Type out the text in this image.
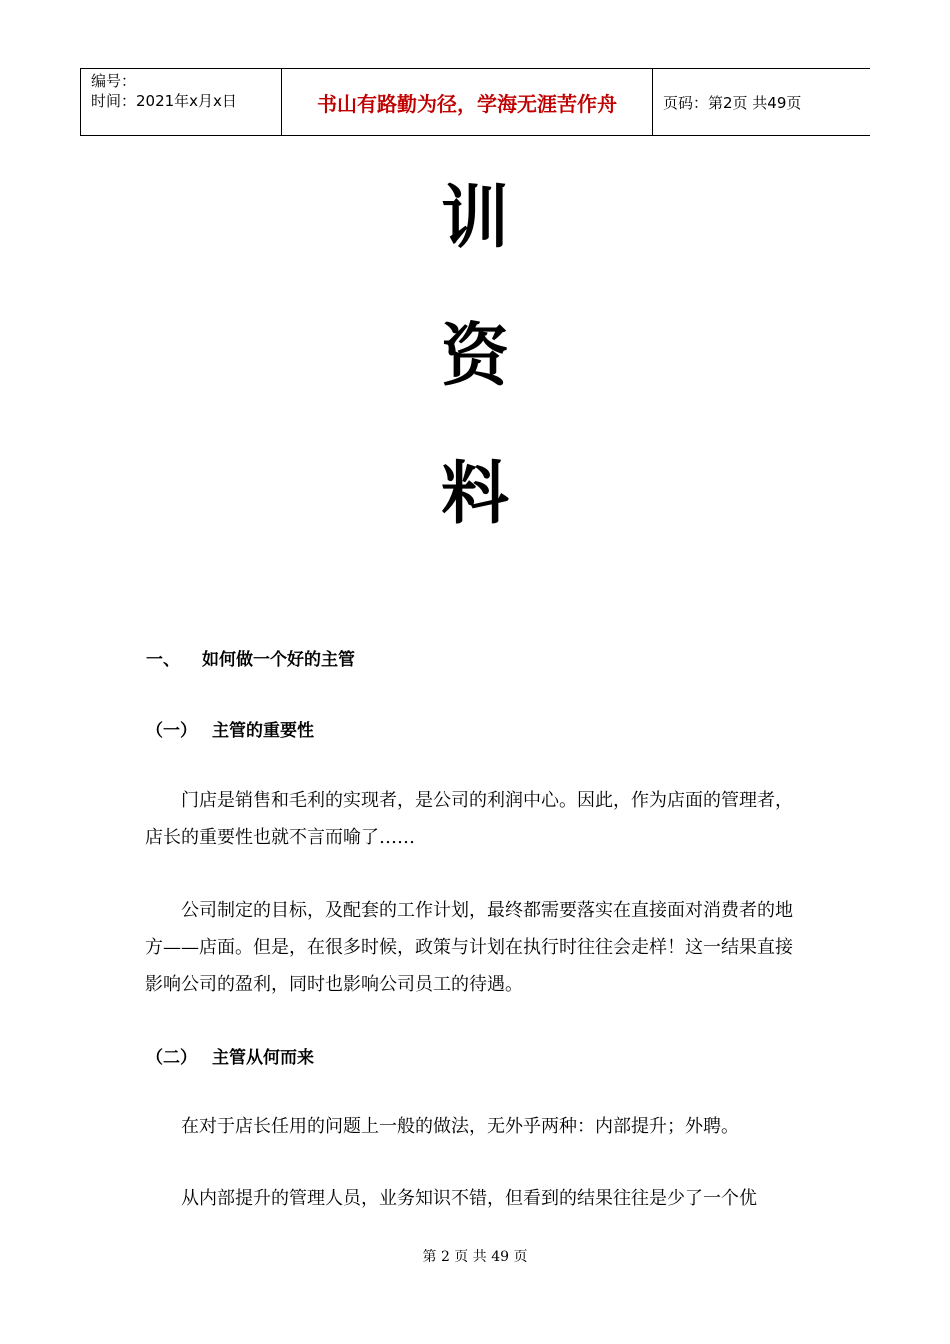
编号：
时间：2021年x月x日	书山有路勤为径，学海无涯苦作舟	页码：第2页 共49页
训
资
料
一、 如何做一个好的主管
（一） 主管的重要性
门店是销售和毛利的实现者，是公司的利润中心。因此，作为店面的管理者，店长的重要性也就不言而喻了……
公司制定的目标，及配套的工作计划，最终都需要落实在直接面对消费者的地方——店面。但是，在很多时候，政策与计划在执行时往往会走样！这一结果直接影响公司的盈利，同时也影响公司员工的待遇。
（二） 主管从何而来
在对于店长任用的问题上一般的做法，无外乎两种：内部提升；外聘。
从内部提升的管理人员，业务知识不错，但看到的结果往往是少了一个优
第 2 页 共 49 页
